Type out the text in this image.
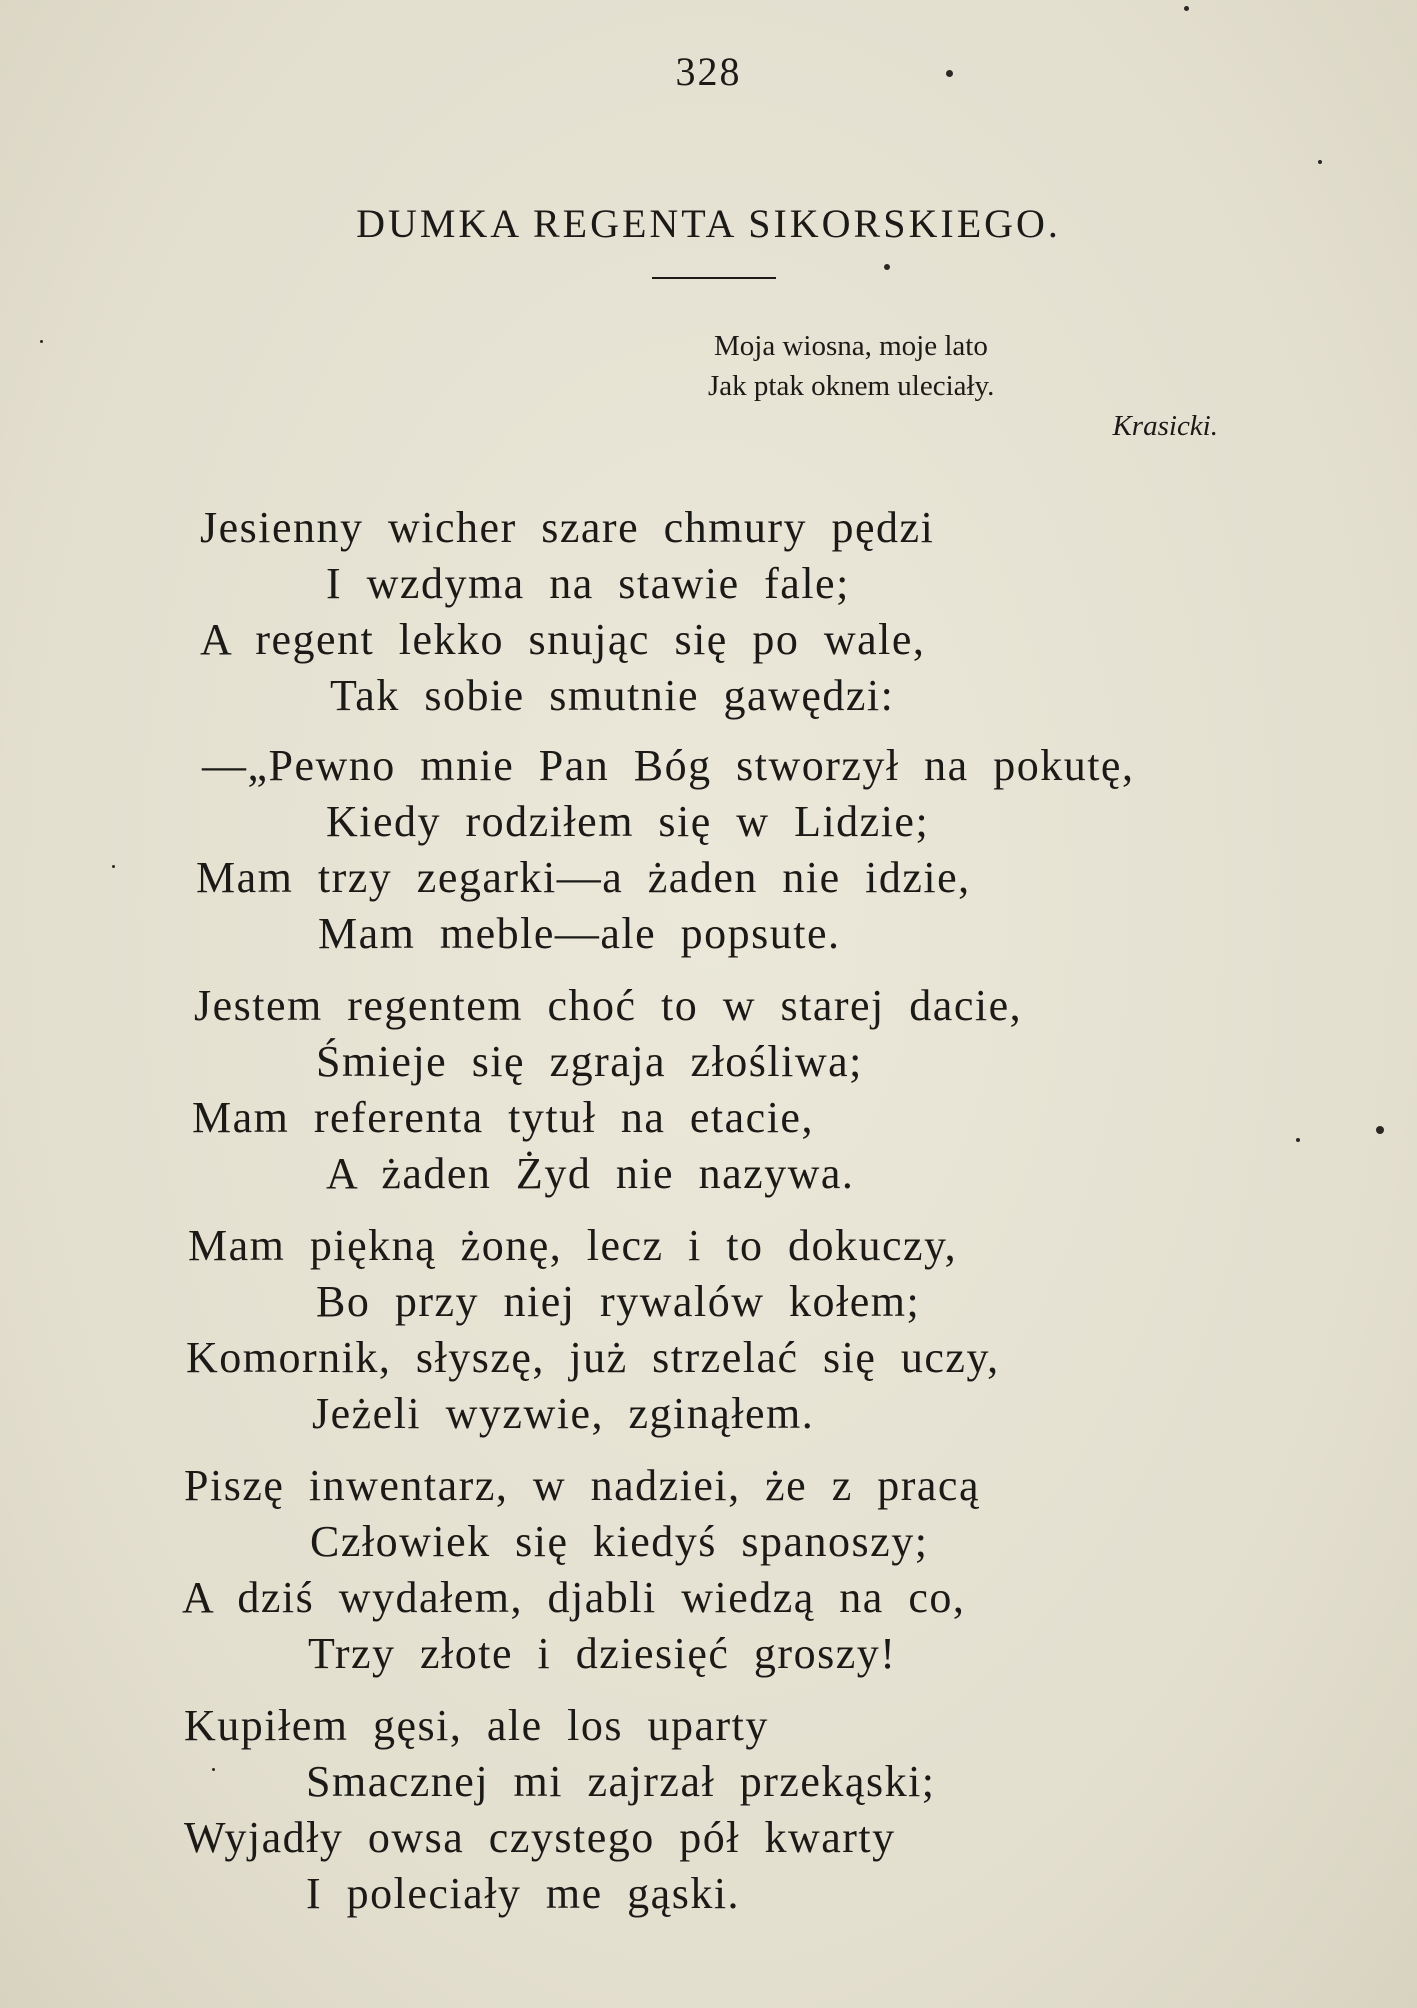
328
DUMKA REGENTA SIKORSKIEGO.
Moja wiosna, moje lato
Jak ptak oknem uleciały.
Krasicki.
Jesienny wicher szare chmury pędzi
I wzdyma na stawie fale;
A regent lekko snując się po wale,
Tak sobie smutnie gawędzi:
—„Pewno mnie Pan Bóg stworzył na pokutę,
Kiedy rodziłem się w Lidzie;
Mam trzy zegarki—a żaden nie idzie,
Mam meble—ale popsute.
Jestem regentem choć to w starej dacie,
Śmieje się zgraja złośliwa;
Mam referenta tytuł na etacie,
A żaden Żyd nie nazywa.
Mam piękną żonę, lecz i to dokuczy,
Bo przy niej rywalów kołem;
Komornik, słyszę, już strzelać się uczy,
Jeżeli wyzwie, zginąłem.
Piszę inwentarz, w nadziei, że z pracą
Człowiek się kiedyś spanoszy;
A dziś wydałem, djabli wiedzą na co,
Trzy złote i dziesięć groszy!
Kupiłem gęsi, ale los uparty
Smacznej mi zajrzał przekąski;
Wyjadły owsa czystego pół kwarty
I poleciały me gąski.
